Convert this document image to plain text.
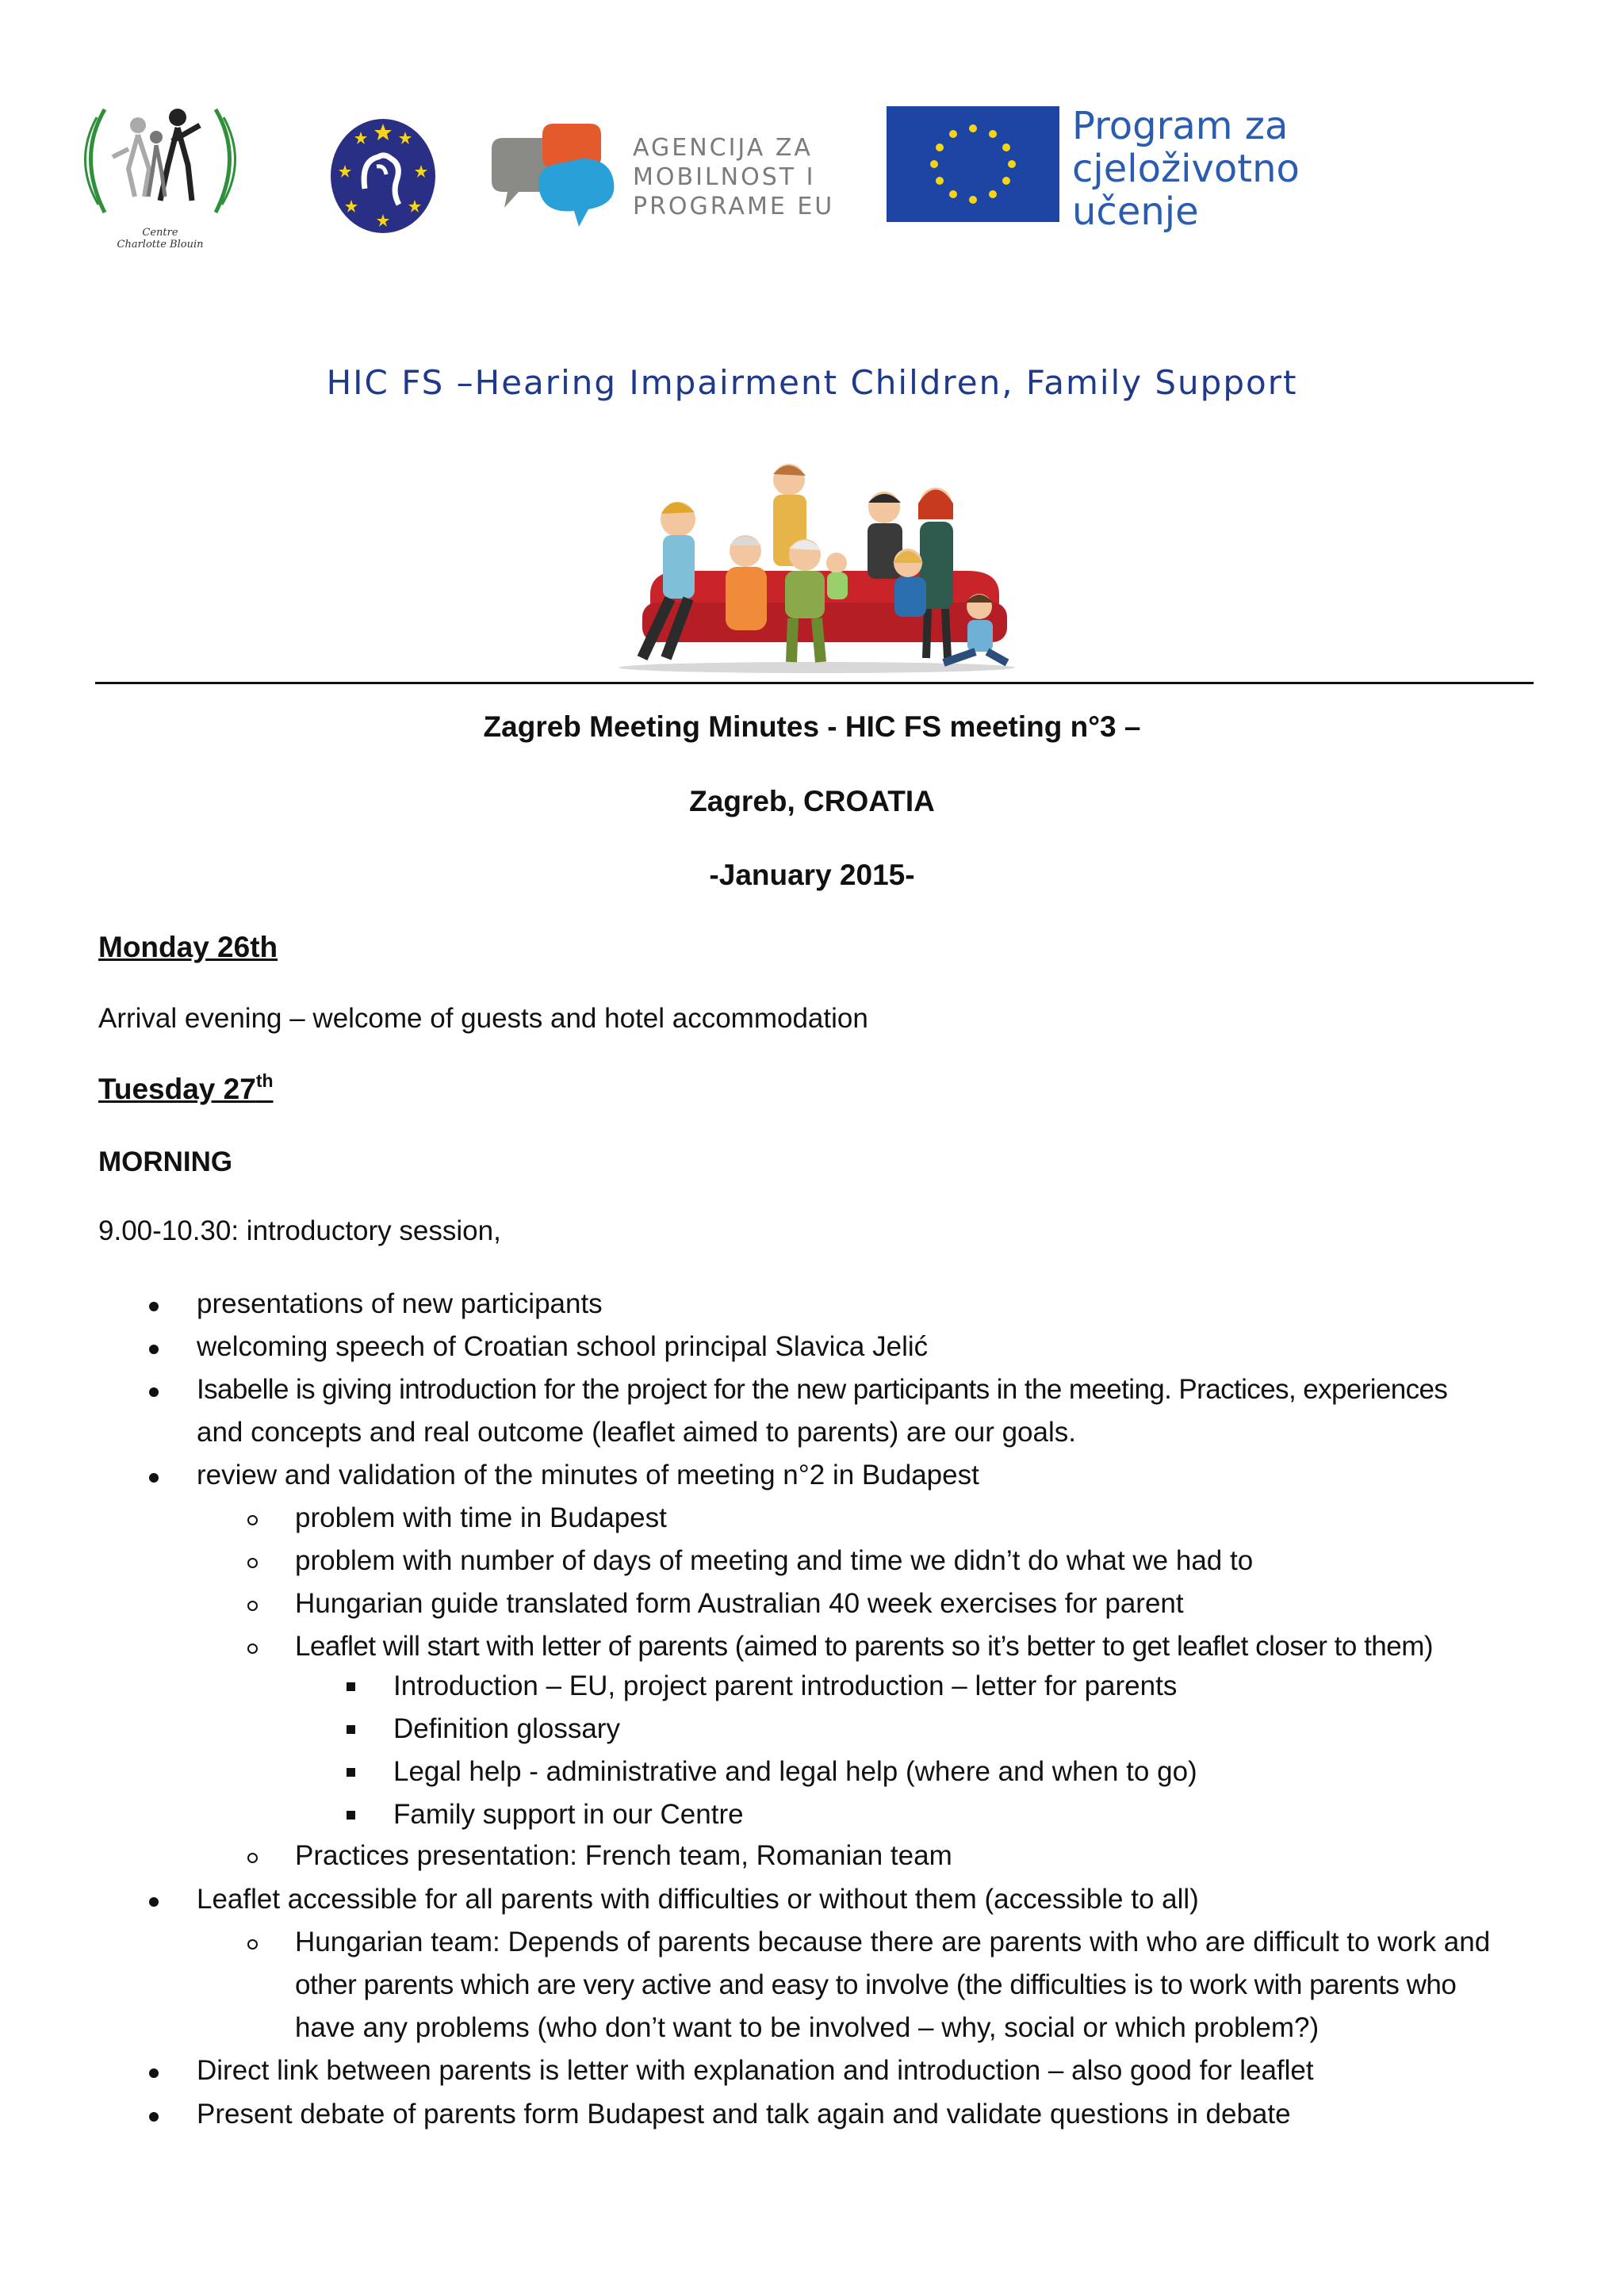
Centre
Charlotte Blouin
AGENCIJA ZA
MOBILNOST I
PROGRAME EU
Program za
cjeloživotno
učenje
HIC FS –Hearing Impairment Children, Family Support
Zagreb Meeting Minutes - HIC FS meeting n°3 –
Zagreb, CROATIA
-January 2015-
Monday 26th
Arrival evening – welcome of guests and hotel accommodation
Tuesday 27th
MORNING
9.00-10.30: introductory session,
presentations of new participants
welcoming speech of Croatian school principal Slavica Jelić
Isabelle is giving introduction for the project for the new participants in the meeting. Practices, experiences
and concepts and real outcome (leaflet aimed to parents) are our goals.
review and validation of the minutes of meeting n°2 in Budapest
problem with time in Budapest
problem with number of days of meeting and time we didn’t do what we had to
Hungarian guide translated form Australian 40 week exercises for parent
Leaflet will start with letter of parents (aimed to parents so it’s better to get leaflet closer to them)
Introduction – EU, project parent introduction – letter for parents
Definition glossary
Legal help - administrative and legal help (where and when to go)
Family support in our Centre
Practices presentation: French team, Romanian team
Leaflet accessible for all parents with difficulties or without them (accessible to all)
Hungarian team: Depends of parents because there are parents with who are difficult to work and
other parents which are very active and easy to involve (the difficulties is to work with parents who
have any problems (who don’t want to be involved – why, social or which problem?)
Direct link between parents is letter with explanation and introduction – also good for leaflet
Present debate of parents form Budapest and talk again and validate questions in debate
